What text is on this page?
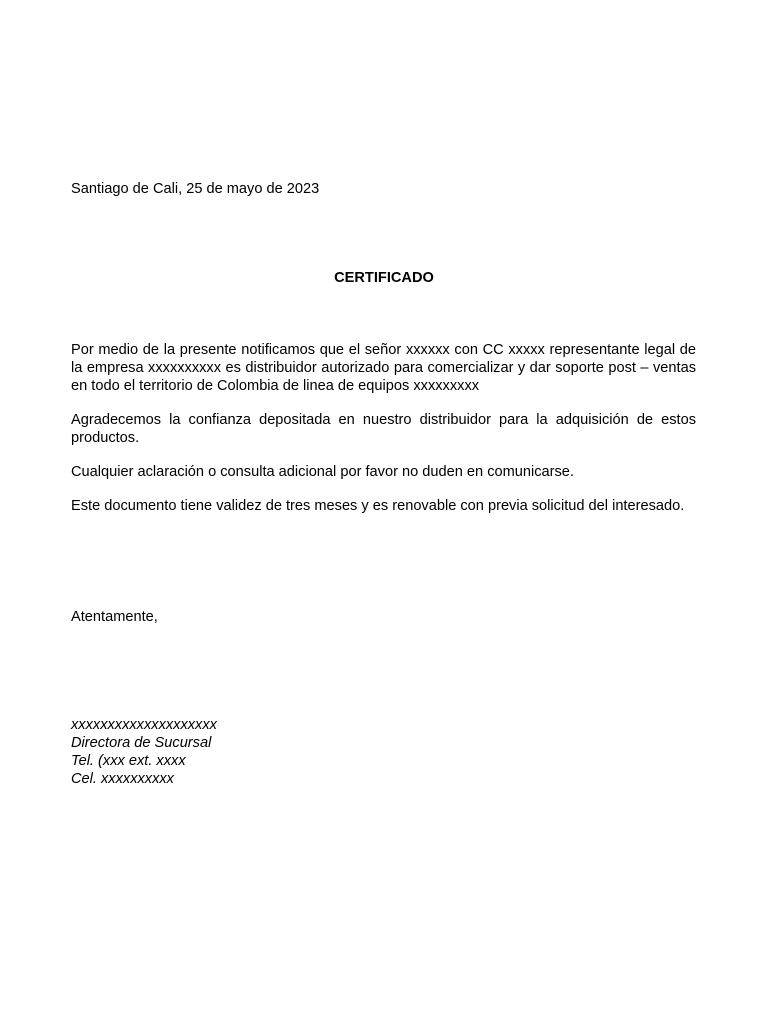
Santiago de Cali, 25 de mayo de 2023
CERTIFICADO

Por medio de la presente notificamos que el señor xxxxxx con CC xxxxx representante legal de la empresa xxxxxxxxxx es distribuidor autorizado para comercializar y dar soporte post – ventas en todo el territorio de Colombia de linea de equipos xxxxxxxxx

Agradecemos la confianza depositada en nuestro distribuidor para la adquisición de estos productos.

Cualquier aclaración o consulta adicional por favor no duden en comunicarse.

Este documento tiene validez de tres meses y es renovable con previa solicitud del interesado.

Atentamente,
xxxxxxxxxxxxxxxxxxxx
Directora de Sucursal
Tel. (xxx ext. xxxx
Cel. xxxxxxxxxx
